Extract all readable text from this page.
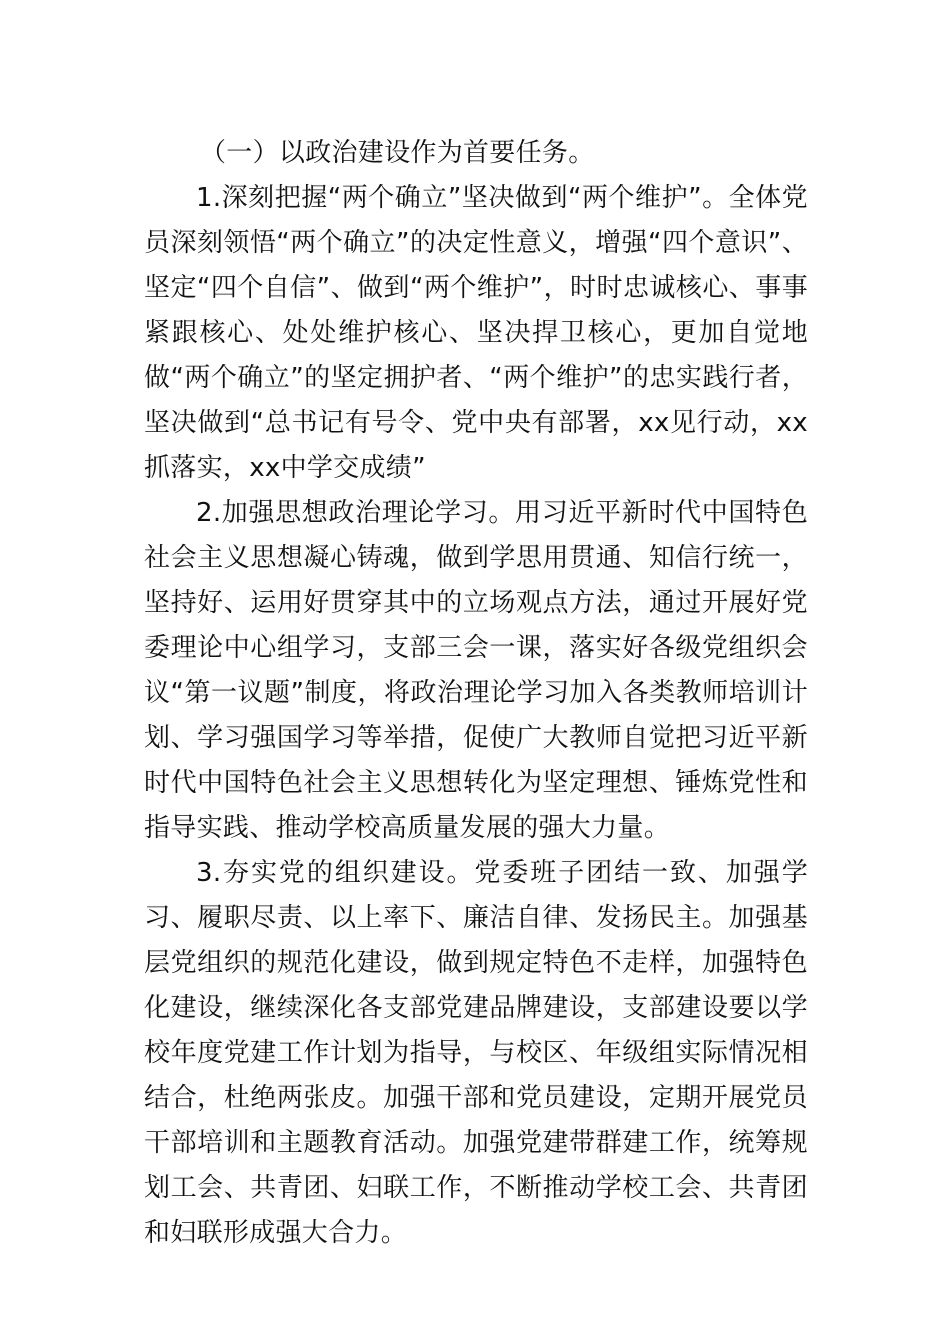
（一）以政治建设作为首要任务。

1.深刻把握“两个确立”坚决做到“两个维护”。全体党员深刻领悟“两个确立”的决定性意义，增强“四个意识”、坚定“四个自信”、做到“两个维护”，时时忠诚核心、事事紧跟核心、处处维护核心、坚决捍卫核心，更加自觉地做“两个确立”的坚定拥护者、“两个维护”的忠实践行者，坚决做到“总书记有号令、党中央有部署，xx见行动，xx抓落实，xx中学交成绩”

2.加强思想政治理论学习。用习近平新时代中国特色社会主义思想凝心铸魂，做到学思用贯通、知信行统一，坚持好、运用好贯穿其中的立场观点方法，通过开展好党委理论中心组学习，支部三会一课，落实好各级党组织会议“第一议题”制度，将政治理论学习加入各类教师培训计划、学习强国学习等举措，促使广大教师自觉把习近平新时代中国特色社会主义思想转化为坚定理想、锤炼党性和指导实践、推动学校高质量发展的强大力量。

3.夯实党的组织建设。党委班子团结一致、加强学习、履职尽责、以上率下、廉洁自律、发扬民主。加强基层党组织的规范化建设，做到规定特色不走样，加强特色化建设，继续深化各支部党建品牌建设，支部建设要以学校年度党建工作计划为指导，与校区、年级组实际情况相结合，杜绝两张皮。加强干部和党员建设，定期开展党员干部培训和主题教育活动。加强党建带群建工作，统筹规划工会、共青团、妇联工作，不断推动学校工会、共青团和妇联形成强大合力。
